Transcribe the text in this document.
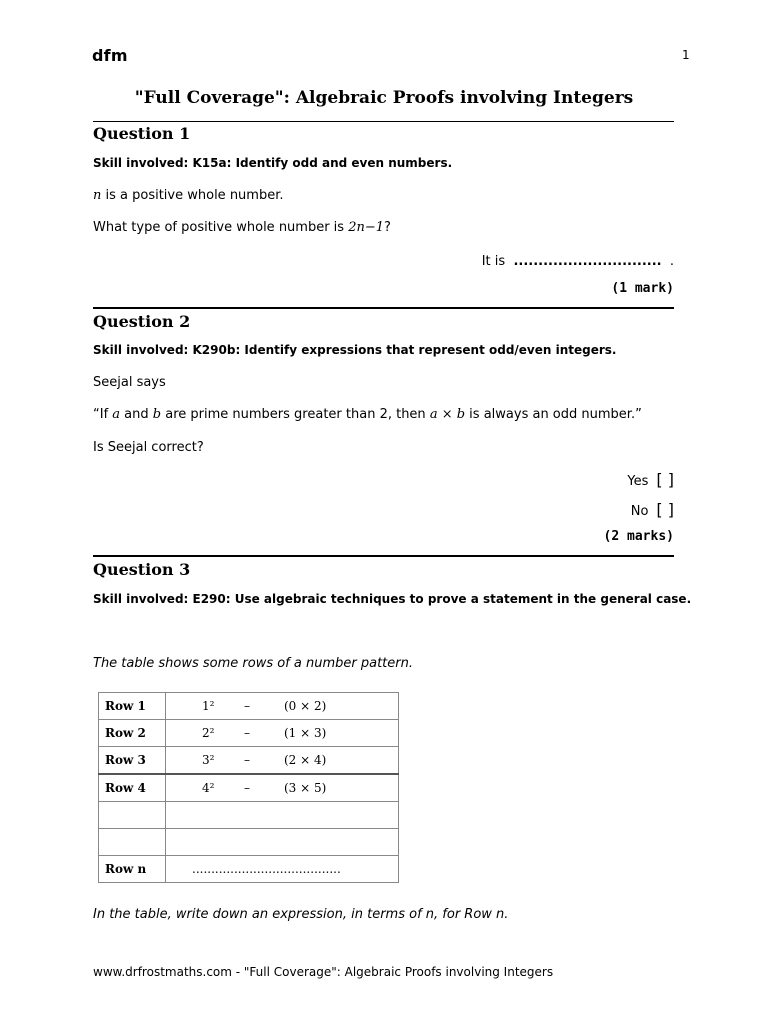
dfm	1
"Full Coverage": Algebraic Proofs involving Integers
Question 1
Skill involved: K15a: Identify odd and even numbers.
n is a positive whole number.
What type of positive whole number is 2n−1?
It is .............................. .
(1 mark)
Question 2
Skill involved: K290b: Identify expressions that represent odd/even integers.
Seejal says
“If a and b are prime numbers greater than 2, then a × b is always an odd number.”
Is Seejal correct?
Yes [ ]
No [ ]
(2 marks)
Question 3
Skill involved: E290: Use algebraic techniques to prove a statement in the general case.
The table shows some rows of a number pattern.
Row 1	1² – (0 × 2)

Row 2	2² – (1 × 3)

Row 3	3² – (2 × 4)

Row 4	4² – (3 × 5)

Row n	.......................................
In the table, write down an expression, in terms of n, for Row n.
www.drfrostmaths.com - "Full Coverage": Algebraic Proofs involving Integers
